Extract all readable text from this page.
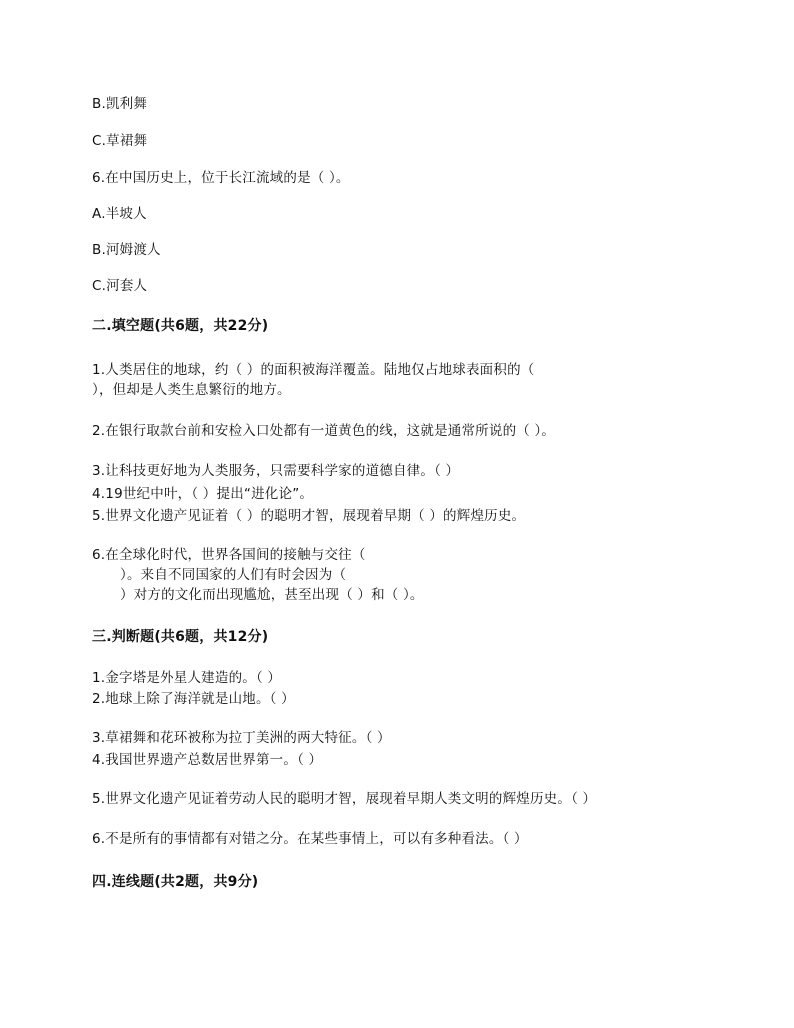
B.凯利舞
C.草裙舞
6.在中国历史上，位于长江流域的是（ ）。
A.半坡人
B.河姆渡人
C.河套人
二.填空题(共6题，共22分)
1.人类居住的地球，约（ ）的面积被海洋覆盖。陆地仅占地球表面积的（
），但却是人类生息繁衍的地方。
2.在银行取款台前和安检入口处都有一道黄色的线，这就是通常所说的（ ）。
3.让科技更好地为人类服务，只需要科学家的道德自律。（ ）
4.19世纪中叶，（ ）提出“进化论”。
5.世界文化遗产见证着（ ）的聪明才智，展现着早期（ ）的辉煌历史。
6.在全球化时代，世界各国间的接触与交往（
）。来自不同国家的人们有时会因为（
）对方的文化而出现尴尬，甚至出现（ ）和（ ）。
三.判断题(共6题，共12分)
1.金字塔是外星人建造的。（ ）
2.地球上除了海洋就是山地。（ ）
3.草裙舞和花环被称为拉丁美洲的两大特征。（ ）
4.我国世界遗产总数居世界第一。（ ）
5.世界文化遗产见证着劳动人民的聪明才智，展现着早期人类文明的辉煌历史。（ ）
6.不是所有的事情都有对错之分。在某些事情上，可以有多种看法。（ ）
四.连线题(共2题，共9分)
